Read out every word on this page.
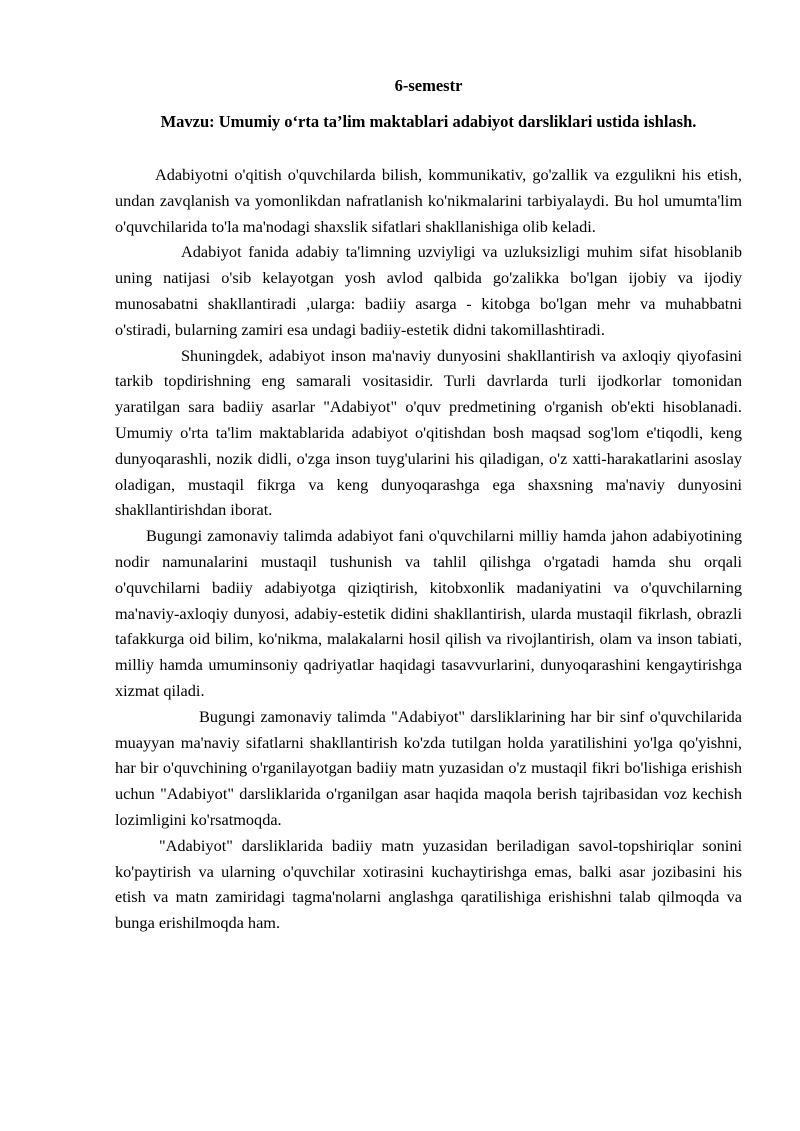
6-semestr
Mavzu: Umumiy o‘rta ta’lim maktablari adabiyot darsliklari ustida ishlash.

Adabiyotni o'qitish o'quvchilarda bilish, kommunikativ, go'zallik va ezgulikni his etish, undan zavqlanish va yomonlikdan nafratlanish ko'nikmalarini tarbiyalaydi. Bu hol umumta'lim o'quvchilarida to'la ma'nodagi shaxslik sifatlari shakllanishiga olib keladi.

Adabiyot fanida adabiy ta'limning uzviyligi va uzluksizligi muhim sifat hisoblanib uning natijasi o'sib kelayotgan yosh avlod qalbida go'zalikka bo'lgan ijobiy va ijodiy munosabatni shakllantiradi ,ularga: badiiy asarga - kitobga bo'lgan mehr va muhabbatni o'stiradi, bularning zamiri esa undagi badiiy-estetik didni takomillashtiradi.

Shuningdek, adabiyot inson ma'naviy dunyosini shakllantirish va axloqiy qiyofasini tarkib topdirishning eng samarali vositasidir. Turli davrlarda turli ijodkorlar tomonidan yaratilgan sara badiiy asarlar "Adabiyot" o'quv predmetining o'rganish ob'ekti hisoblanadi. Umumiy o'rta ta'lim maktablarida adabiyot o'qitishdan bosh maqsad sog'lom e'tiqodli, keng dunyoqarashli, nozik didli, o'zga inson tuyg'ularini his qiladigan, o'z xatti-harakatlarini asoslay oladigan, mustaqil fikrga va keng dunyoqarashga ega shaxsning ma'naviy dunyosini shakllantirishdan iborat.

Bugungi zamonaviy talimda adabiyot fani o'quvchilarni milliy hamda jahon adabiyotining nodir namunalarini mustaqil tushunish va tahlil qilishga o'rgatadi hamda shu orqali o'quvchilarni badiiy adabiyotga qiziqtirish, kitobxonlik madaniyatini va o'quvchilarning ma'naviy-axloqiy dunyosi, adabiy-estetik didini shakllantirish, ularda mustaqil fikrlash, obrazli tafakkurga oid bilim, ko'nikma, malakalarni hosil qilish va rivojlantirish, olam va inson tabiati, milliy hamda umuminsoniy qadriyatlar haqidagi tasavvurlarini, dunyoqarashini kengaytirishga xizmat qiladi.

Bugungi zamonaviy talimda "Adabiyot" darsliklarining har bir sinf o'quvchilarida muayyan ma'naviy sifatlarni shakllantirish ko'zda tutilgan holda yaratilishini yo'lga qo'yishni, har bir o'quvchining o'rganilayotgan badiiy matn yuzasidan o'z mustaqil fikri bo'lishiga erishish uchun "Adabiyot" darsliklarida o'rganilgan asar haqida maqola berish tajribasidan voz kechish lozimligini ko'rsatmoqda.

"Adabiyot" darsliklarida badiiy matn yuzasidan beriladigan savol-topshiriqlar sonini ko'paytirish va ularning o'quvchilar xotirasini kuchaytirishga emas, balki asar jozibasini his etish va matn zamiridagi tagma'nolarni anglashga qaratilishiga erishishni talab qilmoqda va bunga erishilmoqda ham.
